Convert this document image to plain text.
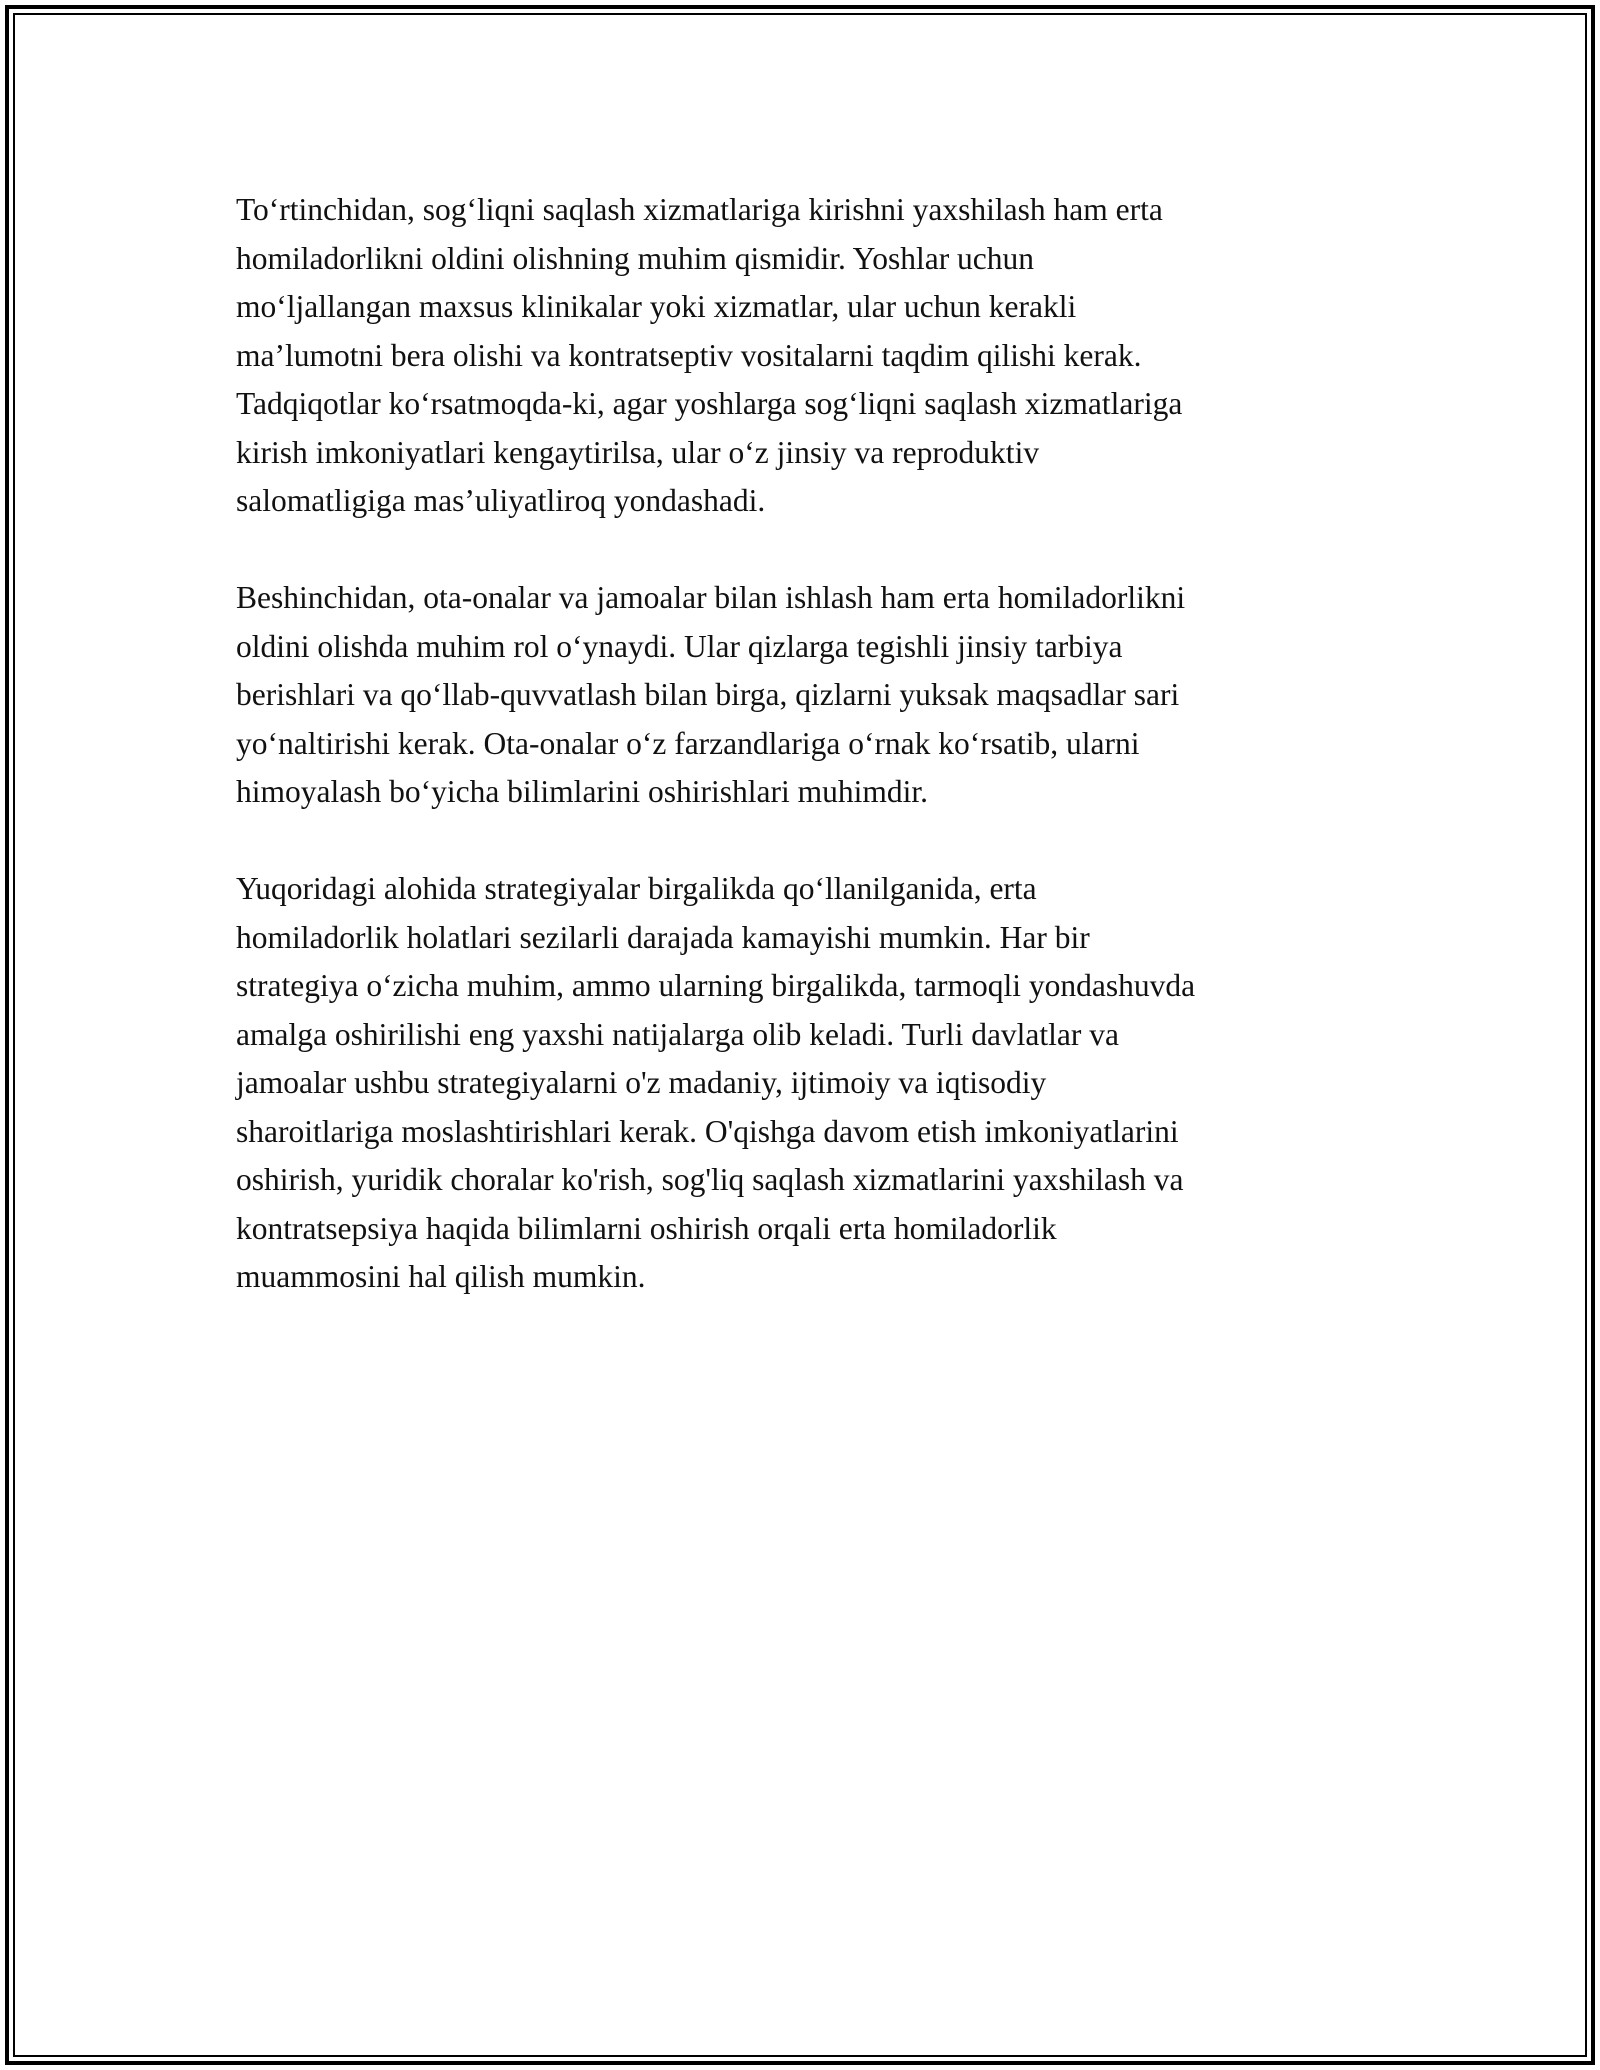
To‘rtinchidan, sog‘liqni saqlash xizmatlariga kirishni yaxshilash ham erta
homiladorlikni oldini olishning muhim qismidir. Yoshlar uchun
mo‘ljallangan maxsus klinikalar yoki xizmatlar, ular uchun kerakli
ma’lumotni bera olishi va kontratseptiv vositalarni taqdim qilishi kerak.
Tadqiqotlar ko‘rsatmoqda-ki, agar yoshlarga sog‘liqni saqlash xizmatlariga
kirish imkoniyatlari kengaytirilsa, ular o‘z jinsiy va reproduktiv
salomatligiga mas’uliyatliroq yondashadi.

Beshinchidan, ota-onalar va jamoalar bilan ishlash ham erta homiladorlikni
oldini olishda muhim rol o‘ynaydi. Ular qizlarga tegishli jinsiy tarbiya
berishlari va qo‘llab-quvvatlash bilan birga, qizlarni yuksak maqsadlar sari
yo‘naltirishi kerak. Ota-onalar o‘z farzandlariga o‘rnak ko‘rsatib, ularni
himoyalash bo‘yicha bilimlarini oshirishlari muhimdir.

Yuqoridagi alohida strategiyalar birgalikda qo‘llanilganida, erta
homiladorlik holatlari sezilarli darajada kamayishi mumkin. Har bir
strategiya o‘zicha muhim, ammo ularning birgalikda, tarmoqli yondashuvda
amalga oshirilishi eng yaxshi natijalarga olib keladi. Turli davlatlar va
jamoalar ushbu strategiyalarni o'z madaniy, ijtimoiy va iqtisodiy
sharoitlariga moslashtirishlari kerak. O'qishga davom etish imkoniyatlarini
oshirish, yuridik choralar ko'rish, sog'liq saqlash xizmatlarini yaxshilash va
kontratsepsiya haqida bilimlarni oshirish orqali erta homiladorlik
muammosini hal qilish mumkin.
